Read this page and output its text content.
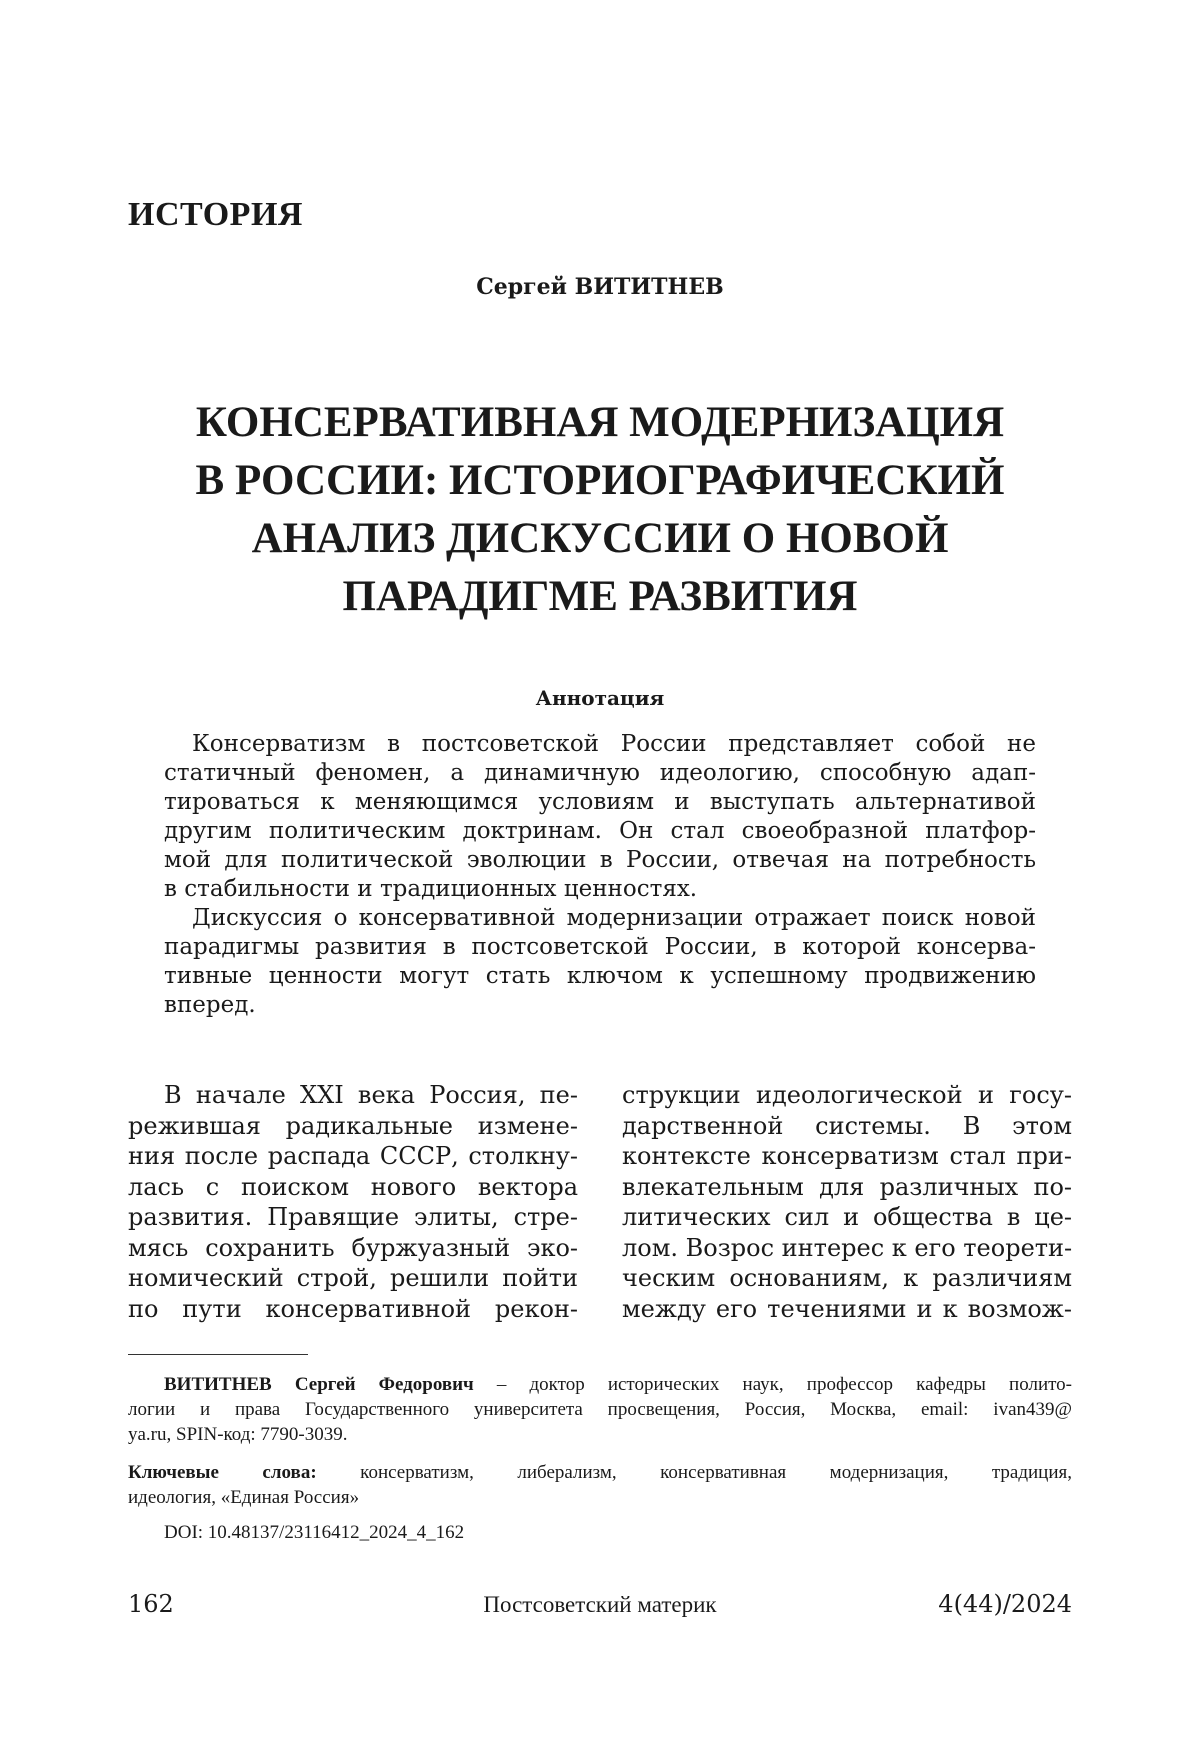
ИСТОРИЯ
Сергей ВИТИТНЕВ
КОНСЕРВАТИВНАЯ МОДЕРНИЗАЦИЯ
В РОССИИ: ИСТОРИОГРАФИЧЕСКИЙ
АНАЛИЗ ДИСКУССИИ О НОВОЙ
ПАРАДИГМЕ РАЗВИТИЯ
Аннотация
Консерватизм в постсоветской России представляет собой не
статичный феномен, а динамичную идеологию, способную адап-
тироваться к меняющимся условиям и выступать альтернативой
другим политическим доктринам. Он стал своеобразной платфор-
мой для политической эволюции в России, отвечая на потребность
в стабильности и традиционных ценностях.
Дискуссия о консервативной модернизации отражает поиск новой
парадигмы развития в постсоветской России, в которой консерва-
тивные ценности могут стать ключом к успешному продвижению
вперед.
В начале XXI века Россия, пе-
режившая радикальные измене-
ния после распада СССР, столкну-
лась с поиском нового вектора
развития. Правящие элиты, стре-
мясь сохранить буржуазный эко-
номический строй, решили пойти
по пути консервативной рекон-
струкции идеологической и госу-
дарственной системы. В этом
контексте консерватизм стал при-
влекательным для различных по-
литических сил и общества в це-
лом. Возрос интерес к его теорети-
ческим основаниям, к различиям
между его течениями и к возмож-
ВИТИТНЕВ Сергей Федорович – доктор исторических наук, профессор кафедры полито-
логии и права Государственного университета просвещения, Россия, Москва, email: ivan439@
ya.ru, SPIN-код: 7790-3039.
Ключевые слова: консерватизм, либерализм, консервативная модернизация, традиция,
идеология, «Единая Россия»
DOI: 10.48137/23116412_2024_4_162
162	Постсоветский материк	4(44)/2024
